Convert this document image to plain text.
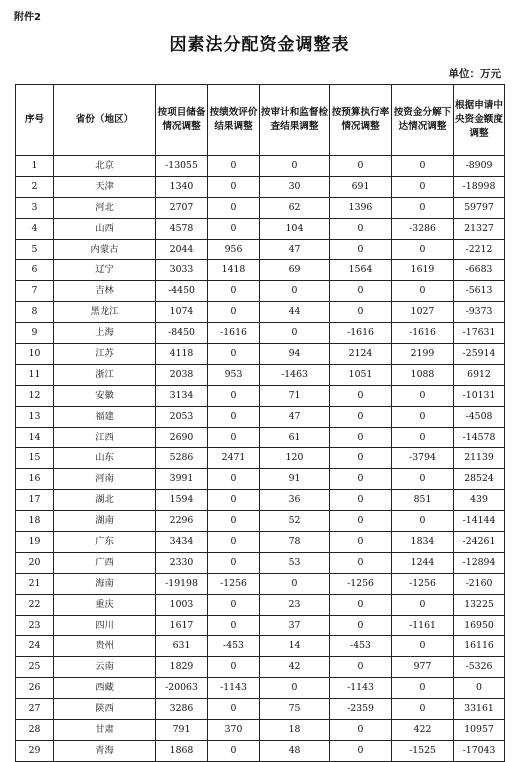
附件2
因素法分配资金调整表
单位：万元
序号	省份（地区）	按项目储备情况调整	按绩效评价结果调整	按审计和监督检查结果调整	按预算执行率情况调整	按资金分解下达情况调整	根据申请中央资金额度调整
1	北京	-13055	0	0	0	0	-8909
2	天津	1340	0	30	691	0	-18998
3	河北	2707	0	62	1396	0	59797
4	山西	4578	0	104	0	-3286	21327
5	内蒙古	2044	956	47	0	0	-2212
6	辽宁	3033	1418	69	1564	1619	-6683
7	吉林	-4450	0	0	0	0	-5613
8	黑龙江	1074	0	44	0	1027	-9373
9	上海	-8450	-1616	0	-1616	-1616	-17631
10	江苏	4118	0	94	2124	2199	-25914
11	浙江	2038	953	-1463	1051	1088	6912
12	安徽	3134	0	71	0	0	-10131
13	福建	2053	0	47	0	0	-4508
14	江西	2690	0	61	0	0	-14578
15	山东	5286	2471	120	0	-3794	21139
16	河南	3991	0	91	0	0	28524
17	湖北	1594	0	36	0	851	439
18	湖南	2296	0	52	0	0	-14144
19	广东	3434	0	78	0	1834	-24261
20	广西	2330	0	53	0	1244	-12894
21	海南	-19198	-1256	0	-1256	-1256	-2160
22	重庆	1003	0	23	0	0	13225
23	四川	1617	0	37	0	-1161	16950
24	贵州	631	-453	14	-453	0	16116
25	云南	1829	0	42	0	977	-5326
26	西藏	-20063	-1143	0	-1143	0	0
27	陕西	3286	0	75	-2359	0	33161
28	甘肃	791	370	18	0	422	10957
29	青海	1868	0	48	0	-1525	-17043
